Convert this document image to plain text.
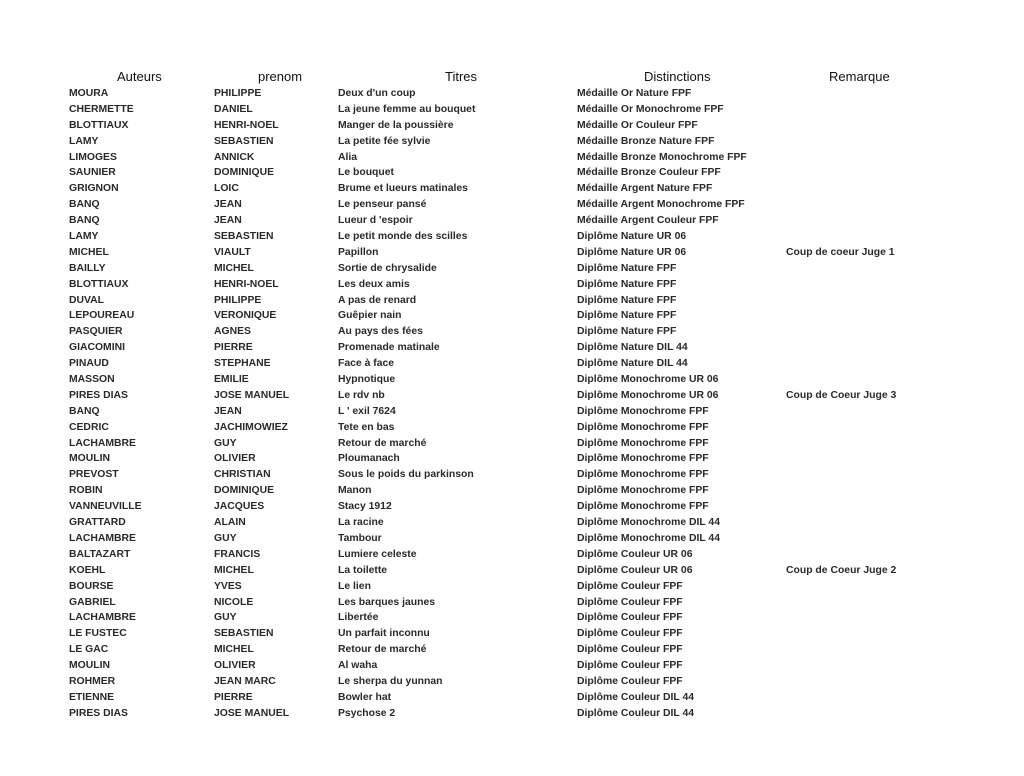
Auteurs	prenom	Titres	Distinctions	Remarque
MOURA	PHILIPPE	Deux d'un coup	Médaille Or Nature FPF
CHERMETTE	DANIEL	La jeune femme au bouquet	Médaille Or Monochrome FPF
BLOTTIAUX	HENRI-NOEL	Manger de la poussière	Médaille Or Couleur FPF
LAMY	SEBASTIEN	La petite fée sylvie	Médaille Bronze Nature FPF
LIMOGES	ANNICK	Alia	Médaille Bronze Monochrome FPF
SAUNIER	DOMINIQUE	Le bouquet	Médaille Bronze Couleur FPF
GRIGNON	LOIC	Brume et lueurs matinales	Médaille Argent Nature FPF
BANQ	JEAN	Le penseur pansé	Médaille Argent Monochrome FPF
BANQ	JEAN	Lueur d 'espoir	Médaille Argent Couleur FPF
LAMY	SEBASTIEN	Le petit monde des scilles	Diplôme Nature UR 06
MICHEL	VIAULT	Papillon	Diplôme Nature UR 06	Coup de coeur Juge 1
BAILLY	MICHEL	Sortie de chrysalide	Diplôme Nature FPF
BLOTTIAUX	HENRI-NOEL	Les deux amis	Diplôme Nature FPF
DUVAL	PHILIPPE	A pas de renard	Diplôme Nature FPF
LEPOUREAU	VERONIQUE	Guêpier nain	Diplôme Nature FPF
PASQUIER	AGNES	Au pays des fées	Diplôme Nature FPF
GIACOMINI	PIERRE	Promenade matinale	Diplôme Nature DIL 44
PINAUD	STEPHANE	Face à face	Diplôme Nature DIL 44
MASSON	EMILIE	Hypnotique	Diplôme Monochrome UR 06
PIRES DIAS	JOSE MANUEL	Le rdv nb	Diplôme Monochrome UR 06	Coup de Coeur Juge 3
BANQ	JEAN	L ' exil 7624	Diplôme Monochrome FPF
CEDRIC	JACHIMOWIEZ	Tete en bas	Diplôme Monochrome FPF
LACHAMBRE	GUY	Retour de marché	Diplôme Monochrome FPF
MOULIN	OLIVIER	Ploumanach	Diplôme Monochrome FPF
PREVOST	CHRISTIAN	Sous le poids du parkinson	Diplôme Monochrome FPF
ROBIN	DOMINIQUE	Manon	Diplôme Monochrome FPF
VANNEUVILLE	JACQUES	Stacy 1912	Diplôme Monochrome FPF
GRATTARD	ALAIN	La racine	Diplôme Monochrome DIL 44
LACHAMBRE	GUY	Tambour	Diplôme Monochrome DIL 44
BALTAZART	FRANCIS	Lumiere celeste	Diplôme Couleur UR 06
KOEHL	MICHEL	La toilette	Diplôme Couleur UR 06	Coup de Coeur Juge 2
BOURSE	YVES	Le lien	Diplôme Couleur FPF
GABRIEL	NICOLE	Les barques jaunes	Diplôme Couleur FPF
LACHAMBRE	GUY	Libertée	Diplôme Couleur FPF
LE FUSTEC	SEBASTIEN	Un parfait inconnu	Diplôme Couleur FPF
LE GAC	MICHEL	Retour de marché	Diplôme Couleur FPF
MOULIN	OLIVIER	Al waha	Diplôme Couleur FPF
ROHMER	JEAN MARC	Le sherpa du yunnan	Diplôme Couleur FPF
ETIENNE	PIERRE	Bowler hat	Diplôme Couleur DIL 44
PIRES DIAS	JOSE MANUEL	Psychose 2	Diplôme Couleur DIL 44
